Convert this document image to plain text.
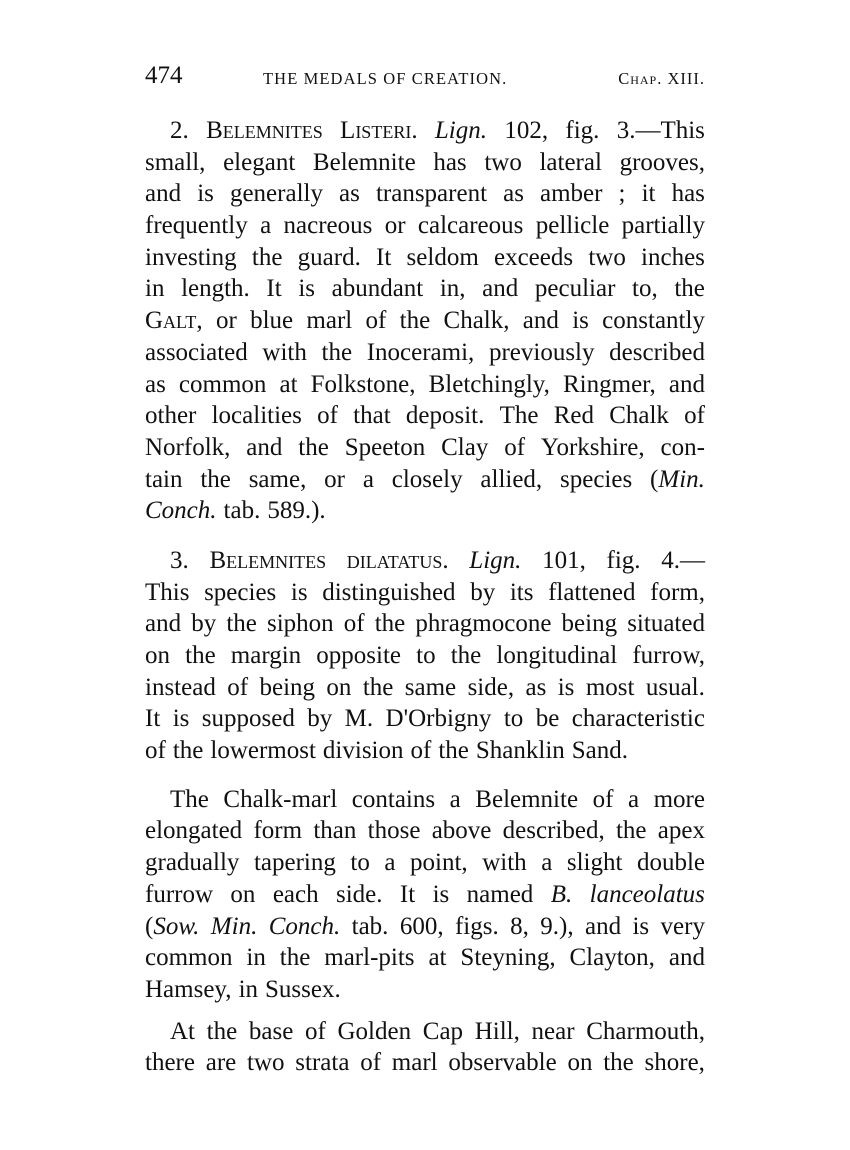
474	THE MEDALS OF CREATION.	Chap. XIII.
2. Belemnites Listeri. Lign. 102, fig. 3.—This
small, elegant Belemnite has two lateral grooves,
and is generally as transparent as amber ; it has
frequently a nacreous or calcareous pellicle partially
investing the guard. It seldom exceeds two inches
in length. It is abundant in, and peculiar to, the
Galt, or blue marl of the Chalk, and is constantly
associated with the Inocerami, previously described
as common at Folkstone, Bletchingly, Ringmer, and
other localities of that deposit. The Red Chalk of
Norfolk, and the Speeton Clay of Yorkshire, con-
tain the same, or a closely allied, species (Min.
Conch. tab. 589.).
3. Belemnites dilatatus. Lign. 101, fig. 4.—
This species is distinguished by its flattened form,
and by the siphon of the phragmocone being situated
on the margin opposite to the longitudinal furrow,
instead of being on the same side, as is most usual.
It is supposed by M. D'Orbigny to be characteristic
of the lowermost division of the Shanklin Sand.
The Chalk-marl contains a Belemnite of a more
elongated form than those above described, the apex
gradually tapering to a point, with a slight double
furrow on each side. It is named B. lanceolatus
(Sow. Min. Conch. tab. 600, figs. 8, 9.), and is very
common in the marl-pits at Steyning, Clayton, and
Hamsey, in Sussex.
At the base of Golden Cap Hill, near Charmouth,
there are two strata of marl observable on the shore,
